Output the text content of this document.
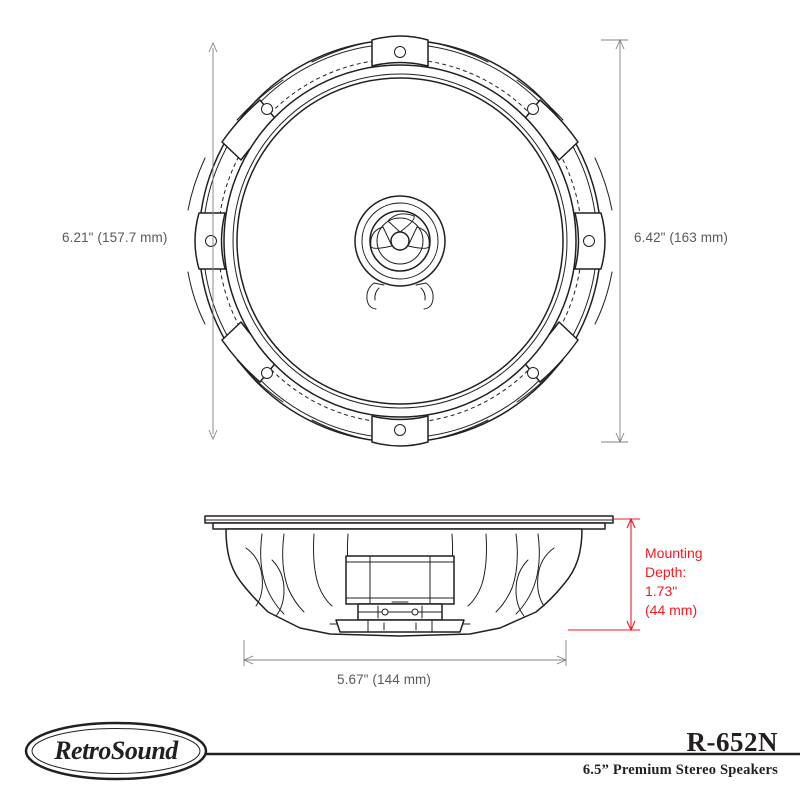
6.21" (157.7 mm)	6.42" (163 mm)
5.67" (144 mm)
Mounting
Depth:
1.73"
(44 mm)
RetroSound	R-652N
6.5” Premium Stereo Speakers
